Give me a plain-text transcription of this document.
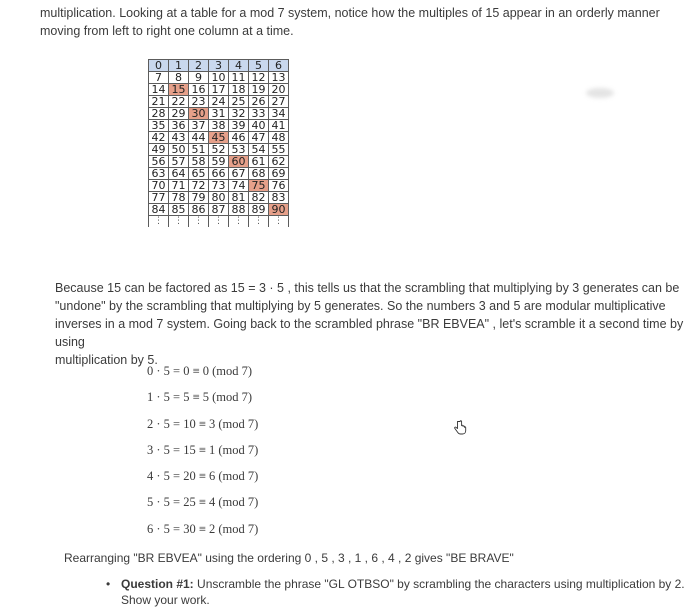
multiplication. Looking at a table for a mod 7 system, notice how the multiples of 15 appear in an orderly manner

moving from left to right one column at a time.

0	1	2	3	4	5	6
7	8	9	10	11	12	13
14	15	16	17	18	19	20
21	22	23	24	25	26	27
28	29	30	31	32	33	34
35	36	37	38	39	40	41
42	43	44	45	46	47	48
49	50	51	52	53	54	55
56	57	58	59	60	61	62
63	64	65	66	67	68	69
70	71	72	73	74	75	76
77	78	79	80	81	82	83
84	85	86	87	88	89	90
⋮	⋮	⋮	⋮	⋮	⋮	⋮

Because 15 can be factored as 15 = 3 · 5 , this tells us that the scrambling that multiplying by 3 generates can be

"undone" by the scrambling that multiplying by 5 generates. So the numbers 3 and 5 are modular multiplicative

inverses in a mod 7 system. Going back to the scrambled phrase "BR EBVEA" , let's scramble it a second time by using

multiplication by 5.

0 · 5 = 0 ≡ 0 (mod 7)
1 · 5 = 5 ≡ 5 (mod 7)
2 · 5 = 10 ≡ 3 (mod 7)
3 · 5 = 15 ≡ 1 (mod 7)
4 · 5 = 20 ≡ 6 (mod 7)
5 · 5 = 25 ≡ 4 (mod 7)
6 · 5 = 30 ≡ 2 (mod 7)
Rearranging "BR EBVEA" using the ordering 0 , 5 , 3 , 1 , 6 , 4 , 2 gives "BE BRAVE"
• Question #1: Unscramble the phrase "GL OTBSO" by scrambling the characters using multiplication by 2.
Show your work.
